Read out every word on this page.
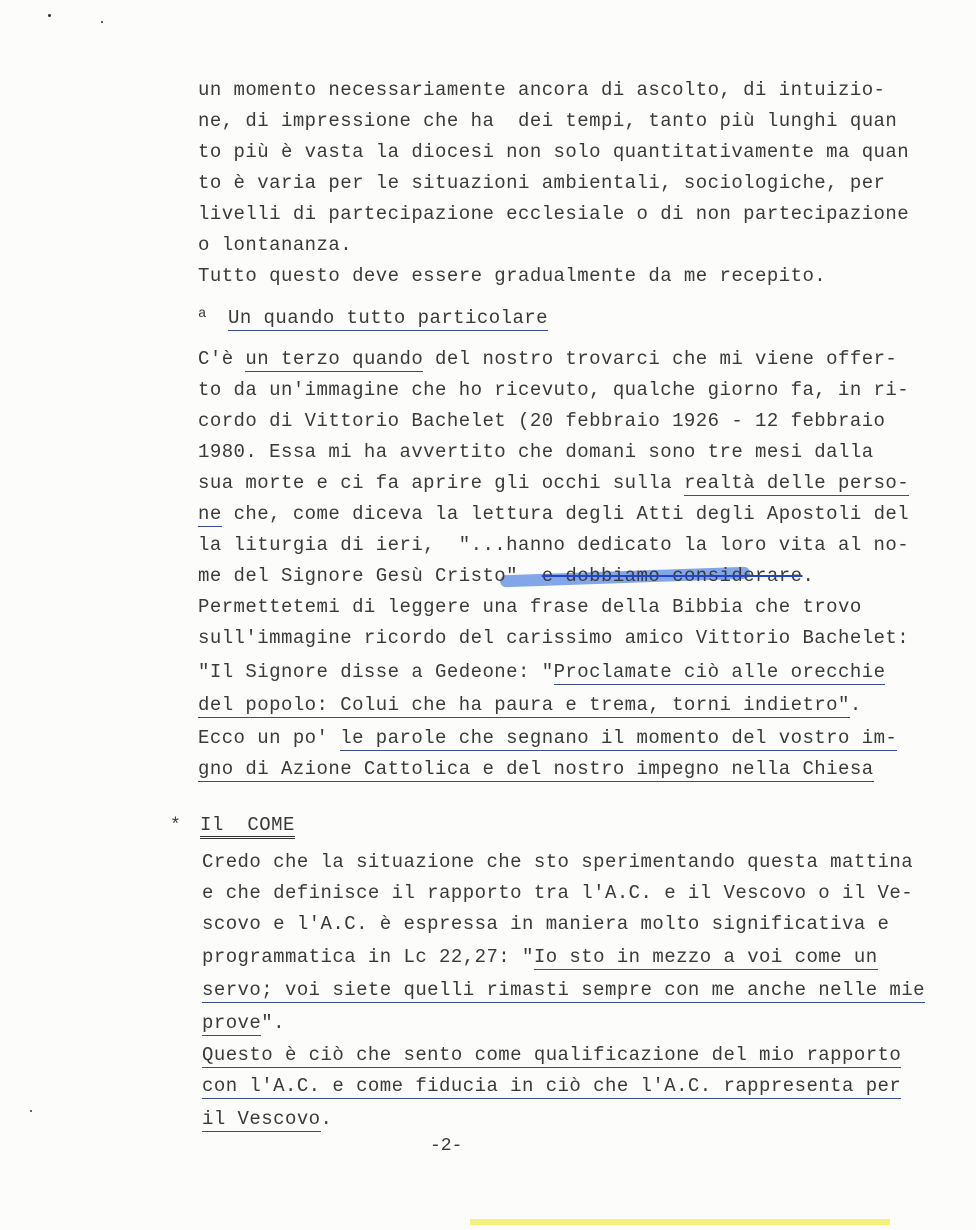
un momento necessariamente ancora di ascolto, di intuizio-
ne, di impressione che ha  dei tempi, tanto più lunghi quan
to più è vasta la diocesi non solo quantitativamente ma quan
to è varia per le situazioni ambientali, sociologiche, per
livelli di partecipazione ecclesiale o di non partecipazione
o lontananza.
Tutto questo deve essere gradualmente da me recepito.
a Un quando tutto particolare
C'è un terzo quando del nostro trovarci che mi viene offer-
to da un'immagine che ho ricevuto, qualche giorno fa, in ri-
cordo di Vittorio Bachelet (20 febbraio 1926 - 12 febbraio
1980. Essa mi ha avvertito che domani sono tre mesi dalla
sua morte e ci fa aprire gli occhi sulla realtà delle perso-
ne che, come diceva la lettura degli Atti degli Apostoli del
la liturgia di ieri,  "...hanno dedicato la loro vita al no-
me del Signore Gesù Cristo"  e dobbiamo considerare.
Permettetemi di leggere una frase della Bibbia che trovo
sull'immagine ricordo del carissimo amico Vittorio Bachelet:
"Il Signore disse a Gedeone: "Proclamate ciò alle orecchie
del popolo: Colui che ha paura e trema, torni indietro".
Ecco un po' le parole che segnano il momento del vostro im-
gno di Azione Cattolica e del nostro impegno nella Chiesa
* Il  COME
Credo che la situazione che sto sperimentando questa mattina
e che definisce il rapporto tra l'A.C. e il Vescovo o il Ve-
scovo e l'A.C. è espressa in maniera molto significativa e
programmatica in Lc 22,27: "Io sto in mezzo a voi come un
servo; voi siete quelli rimasti sempre con me anche nelle mie
prove".
Questo è ciò che sento come qualificazione del mio rapporto
con l'A.C. e come fiducia in ciò che l'A.C. rappresenta per
il Vescovo.
-2-
